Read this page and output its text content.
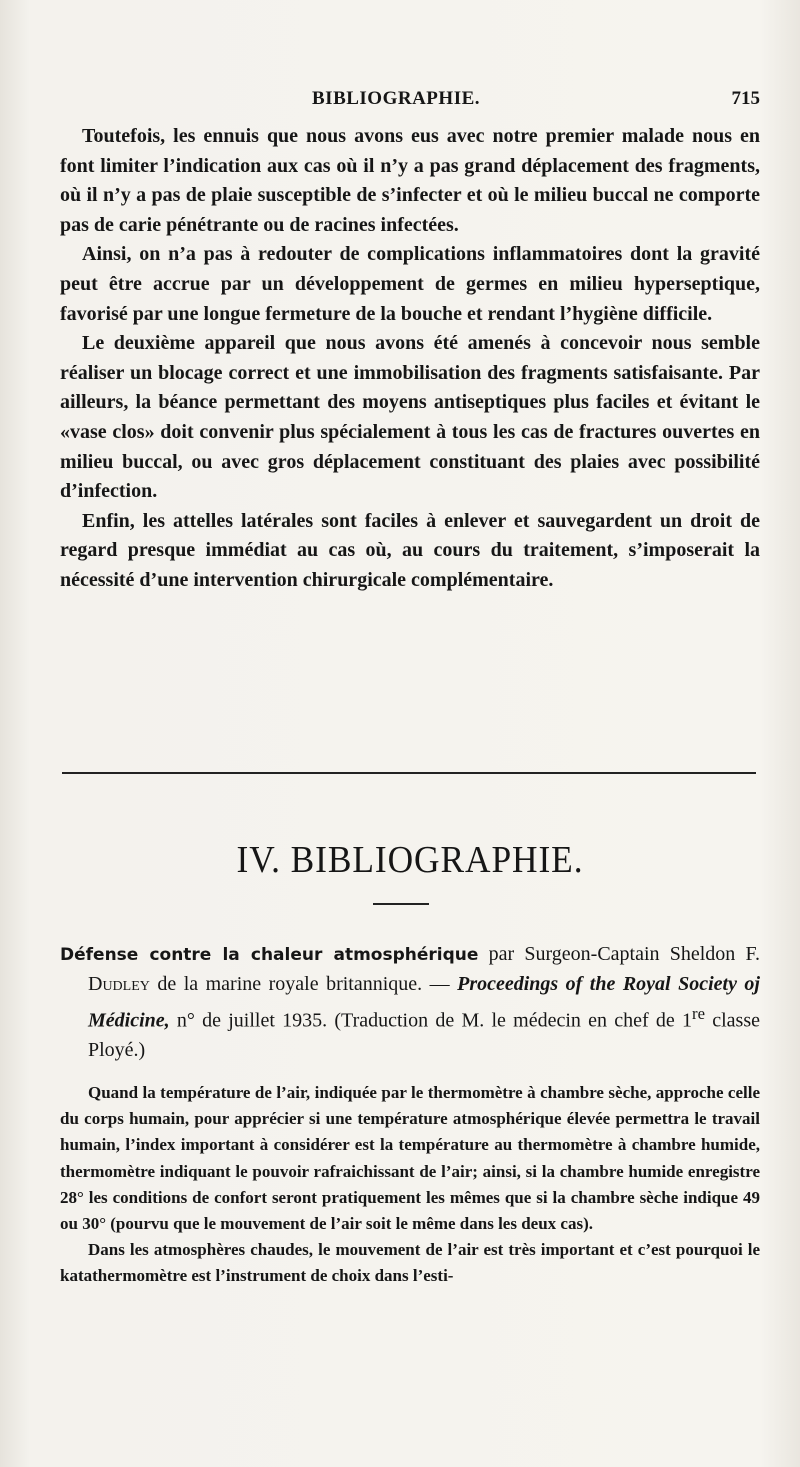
BIBLIOGRAPHIE.	715

Toutefois, les ennuis que nous avons eus avec notre premier malade nous en font limiter l’indication aux cas où il n’y a pas grand déplacement des fragments, où il n’y a pas de plaie susceptible de s’infecter et où le milieu buccal ne comporte pas de carie pénétrante ou de racines infectées.

Ainsi, on n’a pas à redouter de complications inflammatoires dont la gravité peut être accrue par un développement de germes en milieu hyperseptique, favorisé par une longue fermeture de la bouche et rendant l’hygiène difficile.

Le deuxième appareil que nous avons été amenés à concevoir nous semble réaliser un blocage correct et une immobilisation des fragments satisfaisante. Par ailleurs, la béance permettant des moyens antiseptiques plus faciles et évitant le «vase clos» doit convenir plus spécialement à tous les cas de fractures ouvertes en milieu buccal, ou avec gros déplacement constituant des plaies avec possibilité d’infection.

Enfin, les attelles latérales sont faciles à enlever et sauvegardent un droit de regard presque immédiat au cas où, au cours du traitement, s’imposerait la nécessité d’une intervention chirurgicale complémentaire.

IV. BIBLIOGRAPHIE.
Défense contre la chaleur atmosphérique par Surgeon-Captain Sheldon F. Dudley de la marine royale britannique. — Proceedings of the Royal Society oj Médicine, n° de juillet 1935. (Traduction de M. le médecin en chef de 1re classe Ployé.)

Quand la température de l’air, indiquée par le thermomètre à chambre sèche, approche celle du corps humain, pour apprécier si une température atmosphérique élevée permettra le travail humain, l’index important à considérer est la température au thermomètre à chambre humide, thermomètre indiquant le pouvoir rafraichissant de l’air; ainsi, si la chambre humide enregistre 28° les conditions de confort seront pratiquement les mêmes que si la chambre sèche indique 49 ou 30° (pourvu que le mouvement de l’air soit le même dans les deux cas).

Dans les atmosphères chaudes, le mouvement de l’air est très important et c’est pourquoi le katathermomètre est l’instrument de choix dans l’esti-
